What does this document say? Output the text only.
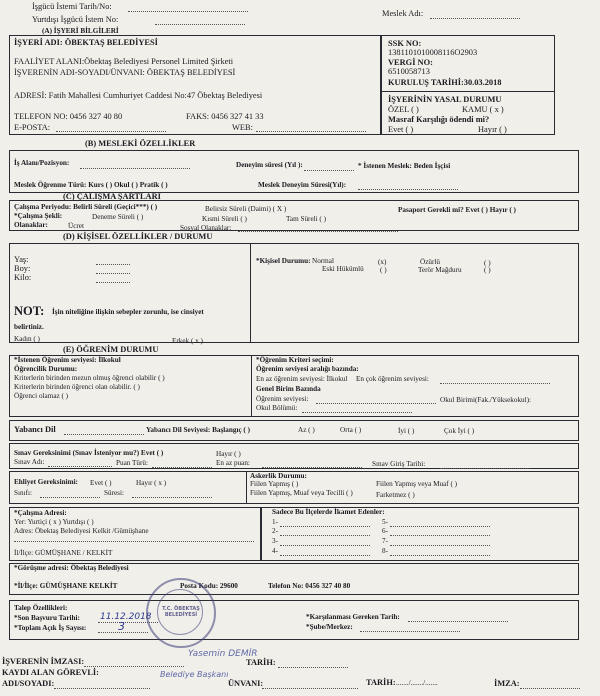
İşgücü İstemi Tarih/No:
Yurtdışı İşgücü İstem No:
Meslek Adı:
(A) İŞYERİ BİLGİLERİ
İŞYERİ ADI: ÖBEKTAŞ BELEDİYESİ
FAALİYET ALANI:Öbektaş Belediyesi Personel Limited Şirketi
İŞVERENİN ADI-SOYADI/ÜNVANI: ÖBEKTAŞ BELEDİYESİ
ADRESİ: Fatih Mahallesi Cumhuriyet Caddesi No:47 Öbektaş Belediyesi
TELEFON NO: 0456 327 40 80	FAKS: 0456 327 41 33
E-POSTA:	WEB:
SSK NO:
1381101010008116O2903
VERGİ NO:
6510058713
KURULUŞ TARİHİ:30.03.2018
İŞYERİNİN YASAL DURUMU
ÖZEL ( )	KAMU ( x )
Masraf Karşılığı ödendi mi?
Evet ( )	Hayır ( )
(B) MESLEKİ ÖZELLİKLER
İş Alanı/Pozisyon:	Deneyim süresi (Yıl ):	* İstenen Meslek: Beden İşçisi
Meslek Öğrenme Türü: Kurs ( ) Okul ( ) Pratik ( )	Meslek Deneyim Süresi(Yıl):
(C) ÇALIŞMA ŞARTLARI
Çalışma Periyodu: Belirli Süreli (Geçici***) ( )	Belirsiz Süreli (Daimi) ( X )	Pasaport Gerekli mi? Evet ( ) Hayır ( )
*Çalışma Şekli:	Deneme Süreli ( )	Kısmi Süreli ( )	Tam Süreli ( )
Olanaklar:	Ücret	Sosyal Olanaklar:
(D) KİŞİSEL ÖZELLİKLER / DURUMU
Yaş:
Boy:
Kilo:
*Kişisel Durumu: Normal	(x)	Özürlü	( )
Eski Hükümlü ( )	Terör Mağduru	( )
NOT: İşin niteliğine ilişkin sebepler zorunlu, ise cinsiyet
belirtiniz.
Kadın ( )	Erkek ( x )
(E) ÖĞRENİM DURUMU
*İstenen Öğrenim seviyesi: İlkokul
Öğrencilik Durumu:
Kriterlerin birinden mezun olmuş öğrenci olabilir ( )
Kriterlerin birinden öğrenci olan olabilir. ( )
Öğrenci olamaz ( )
*Öğrenim Kriteri seçimi:
Öğrenim seviyesi aralığı bazında:
En az öğrenim seviyesi: İlkokul En çok öğrenim seviyesi:
Genel Birim Bazında
Öğrenim seviyesi:	Okul Birimi(Fak./Yüksekokul):
Okul Bölümü:
Yabancı Dil	Yabancı Dil Seviyesi: Başlangıç ( )	Az ( )	Orta ( )	İyi ( )	Çok İyi ( )
Sınav Gereksinimi (Sınav İsteniyor mu?) Evet ( )	Hayır ( )
Sınav Adı:	Puan Türü:	En az puan:	Sınav Giriş Tarihi:
Ehliyet Gereksinimi: Evet ( )	Hayır ( x )
Sınıfı:	Süresi:
Askerlik Durumu:
Fiilen Yapmış ( )
Fiilen Yapmış, Muaf veya Tecilli ( )
Fiilen Yapmış veya Muaf ( )
Farketmez ( )
*Çalışma Adresi:
Yer: Yurtiçi ( x ) Yurtdışı ( )
Adres: Öbektaş Belediyesi Kelkit /Gümüşhane
İl/İlçe: GÜMÜŞHANE / KELKİT
Sadece Bu İlçelerde İkamet Edenler:
1-
2-
3-
4-
5-
6-
7-
8-
*Görüşme adresi: Öbektaş Belediyesi
*İl/İlçe: GÜMÜŞHANE KELKİT	Posta Kodu: 29600	Telefon No: 0456 327 40 80
Talep Özellikleri:
*Son Başvuru Tarihi: 11.12.2018
*Toplam Açık İş Sayısı:	3
*Karşılanması Gereken Tarih:
*Şube/Merkez:
İŞVERENİN İMZASI:
Yasemin DEMİR
TARİH:
KAYDI ALAN GÖREVLİ:
ADI/SOYADI:
Belediye Başkanı
ÜNVANI:	TARİH: ......./......./.......	İMZA:
T.C. ÖBEKTAŞ BELEDİYESİ
